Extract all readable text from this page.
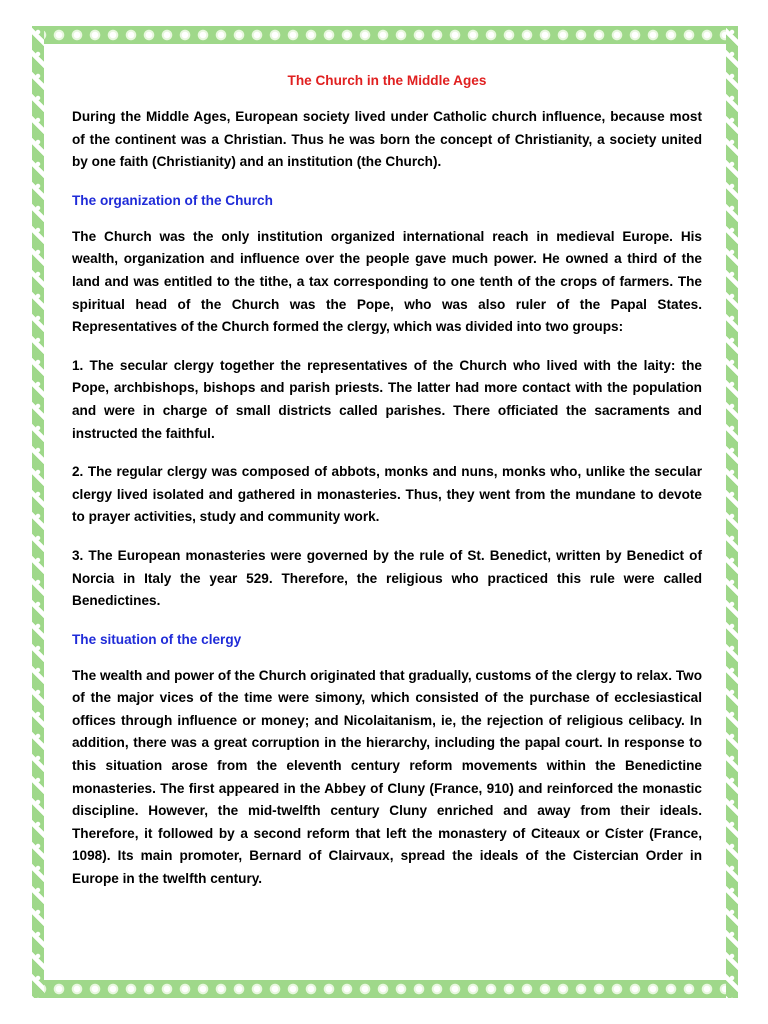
The Church in the Middle Ages

During the Middle Ages, European society lived under Catholic church influence, because most of the continent was a Christian. Thus he was born the concept of Christianity, a society united by one faith (Christianity) and an institution (the Church).

The organization of the Church

The Church was the only institution organized international reach in medieval Europe. His wealth, organization and influence over the people gave much power. He owned a third of the land and was entitled to the tithe, a tax corresponding to one tenth of the crops of farmers. The spiritual head of the Church was the Pope, who was also ruler of the Papal States. Representatives of the Church formed the clergy, which was divided into two groups:

1. The secular clergy together the representatives of the Church who lived with the laity: the Pope, archbishops, bishops and parish priests. The latter had more contact with the population and were in charge of small districts called parishes. There officiated the sacraments and instructed the faithful.

2. The regular clergy was composed of abbots, monks and nuns, monks who, unlike the secular clergy lived isolated and gathered in monasteries. Thus, they went from the mundane to devote to prayer activities, study and community work.

3. The European monasteries were governed by the rule of St. Benedict, written by Benedict of Norcia in Italy the year 529. Therefore, the religious who practiced this rule were called Benedictines.

The situation of the clergy

The wealth and power of the Church originated that gradually, customs of the clergy to relax. Two of the major vices of the time were simony, which consisted of the purchase of ecclesiastical offices through influence or money; and Nicolaitanism, ie, the rejection of religious celibacy. In addition, there was a great corruption in the hierarchy, including the papal court. In response to this situation arose from the eleventh century reform movements within the Benedictine monasteries. The first appeared in the Abbey of Cluny (France, 910) and reinforced the monastic discipline. However, the mid-twelfth century Cluny enriched and away from their ideals. Therefore, it followed by a second reform that left the monastery of Citeaux or Císter (France, 1098). Its main promoter, Bernard of Clairvaux, spread the ideals of the Cistercian Order in Europe in the twelfth century.
